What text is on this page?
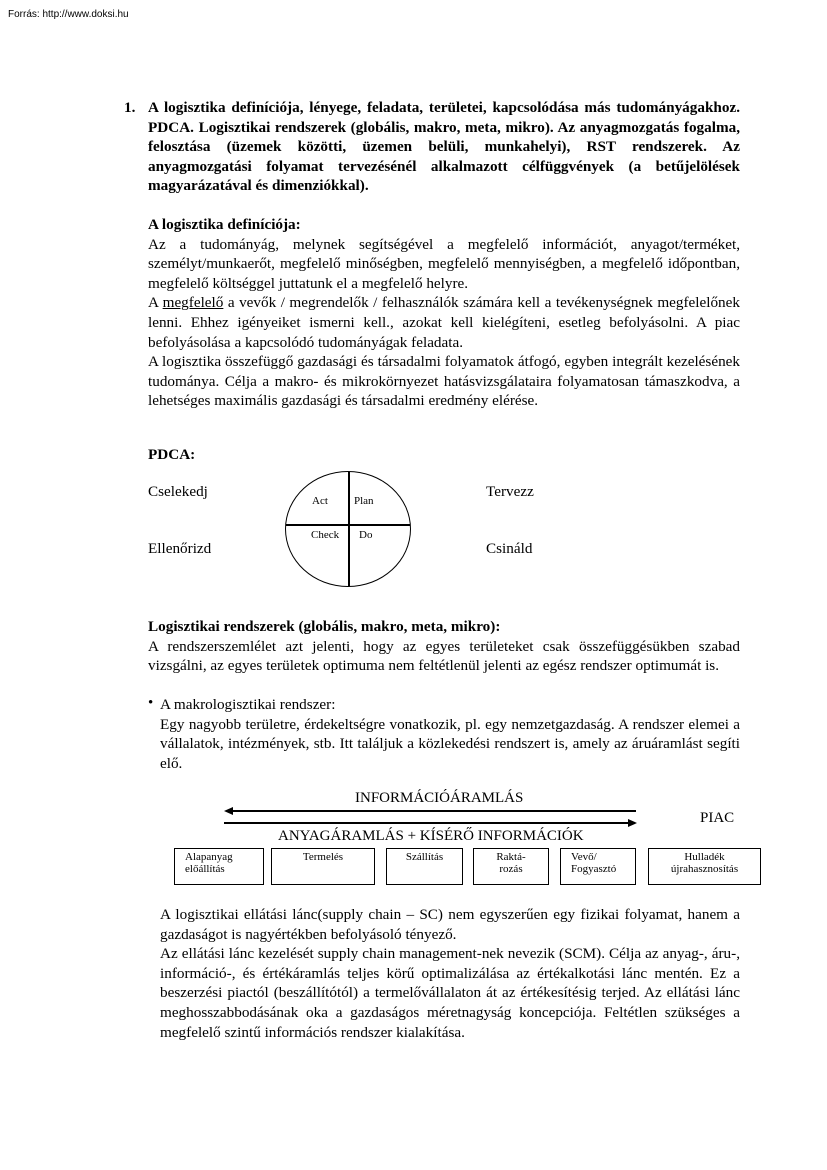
Forrás: http://www.doksi.hu
1. A logisztika definíciója, lényege, feladata, területei, kapcsolódása más tudományágakhoz. PDCA. Logisztikai rendszerek (globális, makro, meta, mikro). Az anyagmozgatás fogalma, felosztása (üzemek közötti, üzemen belüli, munkahelyi), RST rendszerek. Az anyagmozgatási folyamat tervezésénél alkalmazott célfüggvények (a betűjelölések magyarázatával és dimenziókkal).

A logisztika definíciója:

Az a tudományág, melynek segítségével a megfelelő információt, anyagot/terméket, személyt/munkaerőt, megfelelő minőségben, megfelelő mennyiségben, a megfelelő időpontban, megfelelő költséggel juttatunk el a megfelelő helyre.

A megfelelő a vevők / megrendelők / felhasználók számára kell a tevékenységnek megfelelőnek lenni. Ehhez igényeiket ismerni kell., azokat kell kielégíteni, esetleg befolyásolni. A piac befolyásolása a kapcsolódó tudományágak feladata.

A logisztika összefüggő gazdasági és társadalmi folyamatok átfogó, egyben integrált kezelésének tudománya. Célja a makro- és mikrokörnyezet hatásvizsgálataira folyamatosan támaszkodva, a lehetséges maximális gazdasági és társadalmi eredmény elérése.

PDCA:
Cselekedj
Ellenőrizd
Tervezz
Csináld
Act Plan
Check Do

Logisztikai rendszerek (globális, makro, meta, mikro):

A rendszerszemlélet azt jelenti, hogy az egyes területeket csak összefüggésükben szabad vizsgálni, az egyes területek optimuma nem feltétlenül jelenti az egész rendszer optimumát is.

• A makrologisztikai rendszer:

Egy nagyobb területre, érdekeltségre vonatkozik, pl. egy nemzetgazdaság. A rendszer elemei a vállalatok, intézmények, stb. Itt találjuk a közlekedési rendszert is, amely az áruáramlást segíti elő.

INFORMÁCIÓÁRAMLÁS
PIAC
ANYAGÁRAMLÁS + KÍSÉRŐ INFORMÁCIÓK
Alapanyag
előállítás
Termelés	Szállítás	Raktá-
rozás
Vevő/
Fogyasztó
Hulladék
újrahasznosítás

A logisztikai ellátási lánc(supply chain – SC) nem egyszerűen egy fizikai folyamat, hanem a gazdaságot is nagyértékben befolyásoló tényező.

Az ellátási lánc kezelését supply chain management-nek nevezik (SCM). Célja az anyag-, áru-, információ-, és értékáramlás teljes körű optimalizálása az értékalkotási lánc mentén. Ez a beszerzési piactól (beszállítótól) a termelővállalaton át az értékesítésig terjed. Az ellátási lánc meghosszabbodásának oka a gazdaságos méretnagyság koncepciója. Feltétlen szükséges a megfelelő szintű információs rendszer kialakítása.
